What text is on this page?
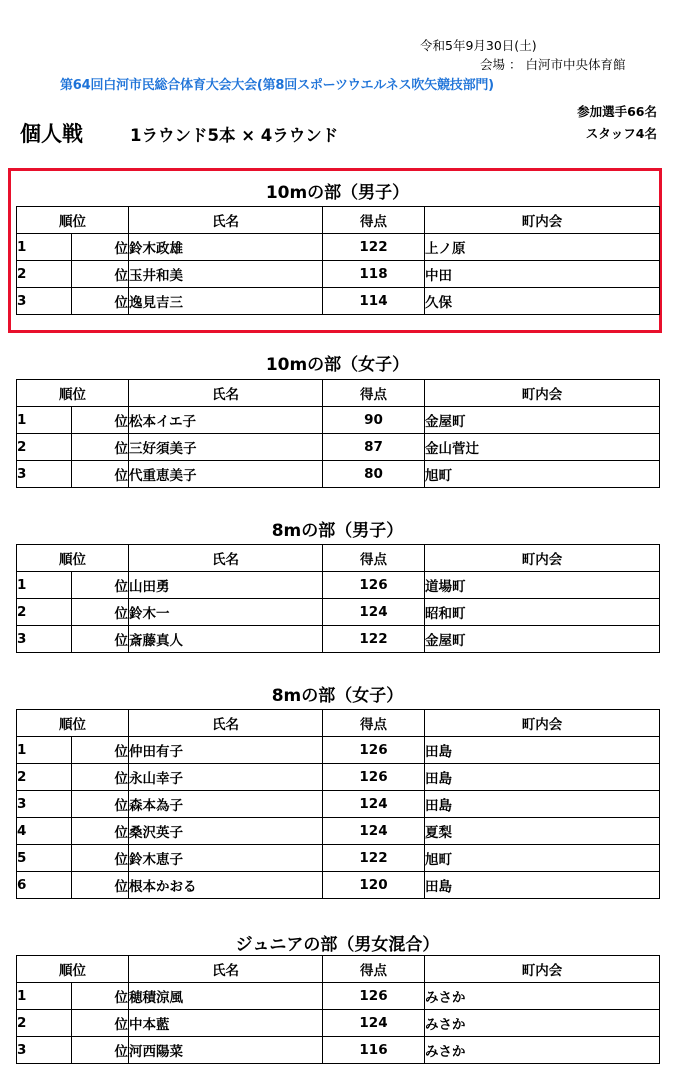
令和5年9月30日(土)
会場 ： 白河市中央体育館
第64回白河市民総合体育大会大会(第8回スポーツウエルネス吹矢競技部門)
参加選手66名
個人戦	1ラウンド5本 × 4ラウンド	スタッフ4名
10mの部（男子）
順位		氏名	得点	町内会
1	位	鈴木政雄	122	上ノ原
2	位	玉井和美	118	中田
3	位	逸見吉三	114	久保
10mの部（女子）
順位		氏名	得点	町内会
1	位	松本イエ子	90	金屋町
2	位	三好須美子	87	金山菅辻
3	位	代重恵美子	80	旭町
8mの部（男子）
順位		氏名	得点	町内会
1	位	山田勇	126	道場町
2	位	鈴木一	124	昭和町
3	位	斎藤真人	122	金屋町
8mの部（女子）
順位		氏名	得点	町内会
1	位	仲田有子	126	田島
2	位	永山幸子	126	田島
3	位	森本為子	124	田島
4	位	桑沢英子	124	夏梨
5	位	鈴木恵子	122	旭町
6	位	根本かおる	120	田島
ジュニアの部（男女混合）
順位		氏名	得点	町内会
1	位	穂積涼風	126	みさか
2	位	中本藍	124	みさか
3	位	河西陽菜	116	みさか
